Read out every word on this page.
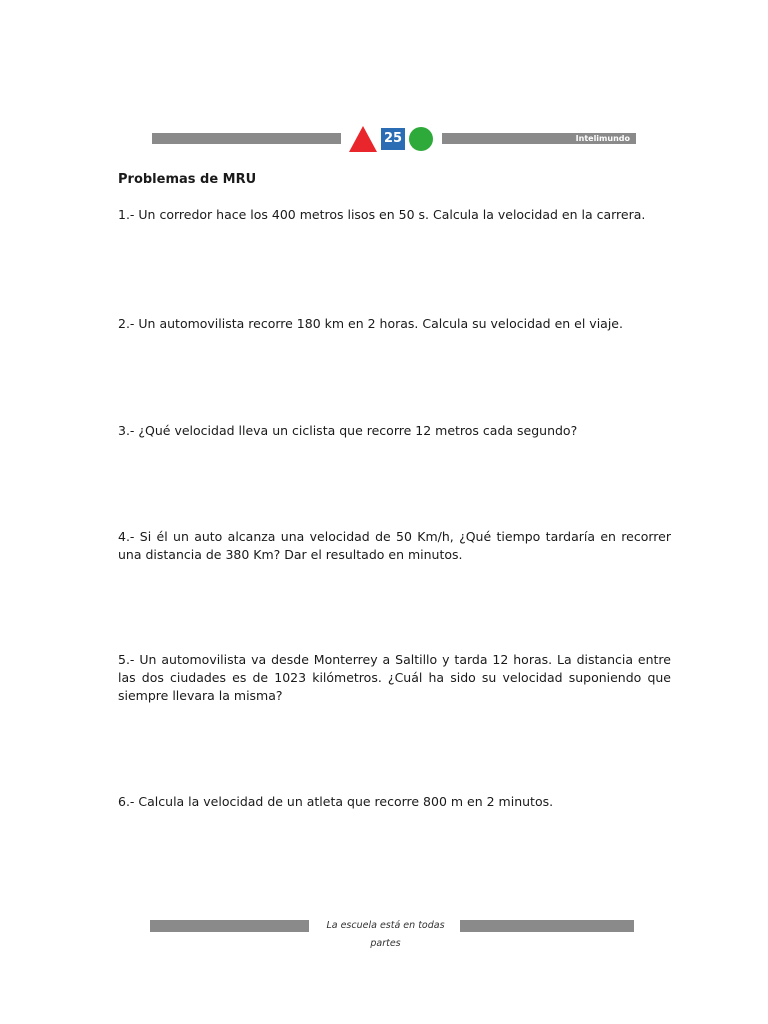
25	Intelimundo
Problemas de MRU

1.- Un corredor hace los 400 metros lisos en 50 s. Calcula la velocidad en la carrera.

2.- Un automovilista recorre 180 km en 2 horas. Calcula su velocidad en el viaje.

3.- ¿Qué velocidad lleva un ciclista que recorre 12 metros cada segundo?

4.- Si él un auto alcanza una velocidad de 50 Km/h, ¿Qué tiempo tardaría en recorrer una distancia de 380 Km? Dar el resultado en minutos.

5.- Un automovilista va desde Monterrey a Saltillo y tarda 12 horas. La distancia entre las dos ciudades es de 1023 kilómetros. ¿Cuál ha sido su velocidad suponiendo que siempre llevara la misma?

6.- Calcula la velocidad de un atleta que recorre 800 m en 2 minutos.

La escuela está en todas partes
